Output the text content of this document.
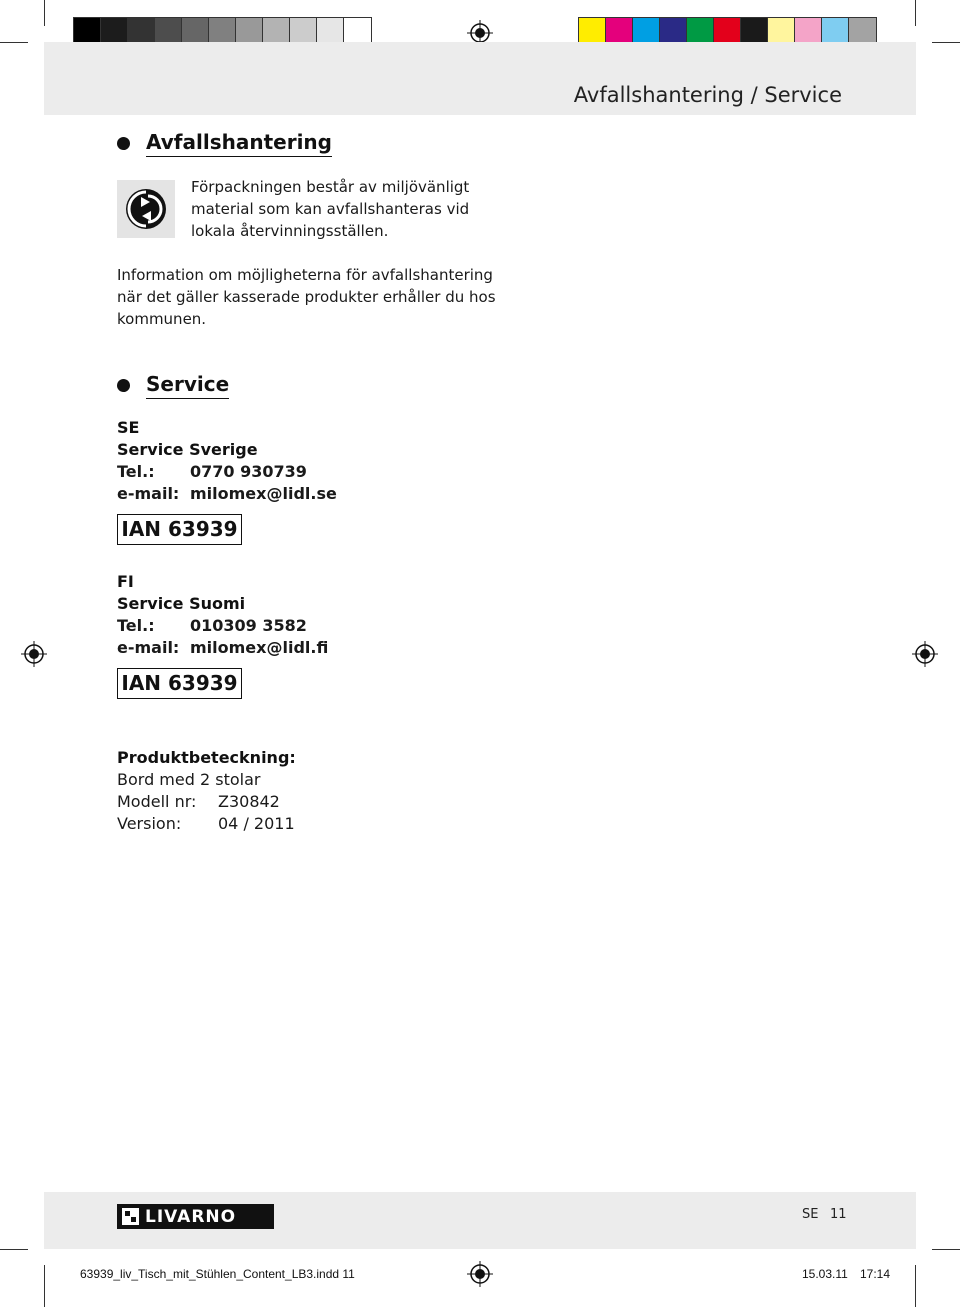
Avfallshantering / Service
Avfallshantering
Förpackningen består av miljövänligt
material som kan avfallshanteras vid
lokala återvinningsställen.
Information om möjligheterna för avfallshantering
när det gäller kasserade produkter erhåller du hos
kommunen.
Service
SE
Service Sverige
Tel.:	0770 930739
e-mail: milomex@lidl.se
IAN 63939
FI
Service Suomi
Tel.:	010309 3582
e-mail: milomex@lidl.fi
IAN 63939
Produktbeteckning:
Bord med 2 stolar
Modell nr:	Z30842
Version:	04 / 2011
LIVARNO	SE 11
63939_liv_Tisch_mit_Stühlen_Content_LB3.indd 11	15.03.11 17:14
